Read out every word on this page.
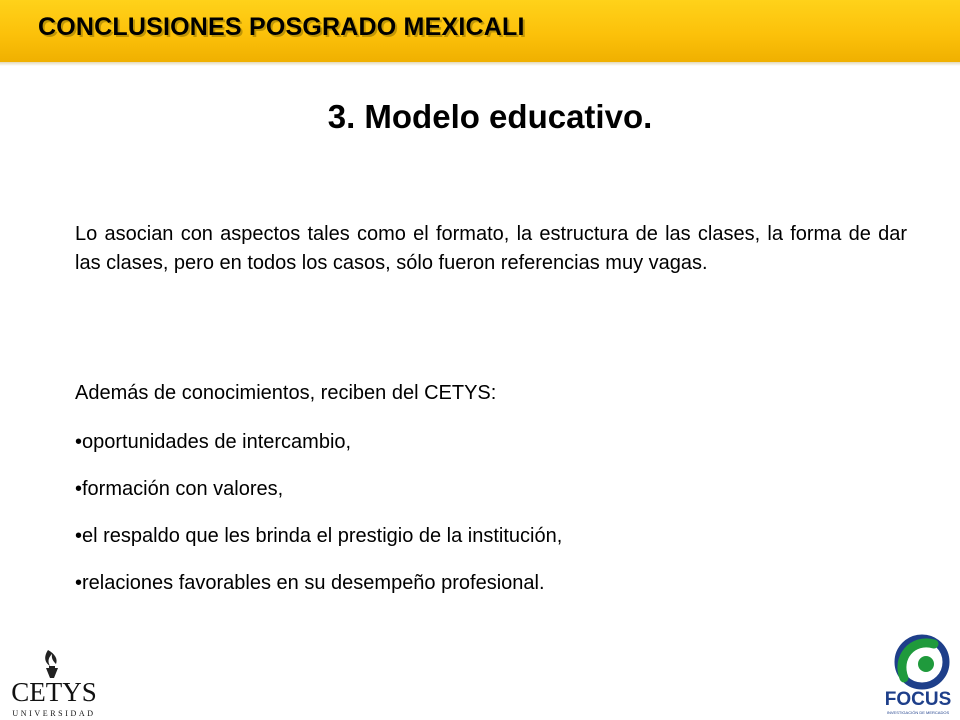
CONCLUSIONES POSGRADO MEXICALI
3. Modelo educativo.

Lo asocian con aspectos tales como el formato, la estructura de las clases, la forma de dar las clases, pero en todos los casos, sólo fueron referencias muy vagas.

Además de conocimientos, reciben del CETYS:

•oportunidades de intercambio,
•formación con valores,
•el respaldo que les brinda el prestigio de la institución,
•relaciones favorables en su desempeño profesional.
CETYS
UNIVERSIDAD
FOCUS
INVESTIGACIÓN DE MERCADOS
